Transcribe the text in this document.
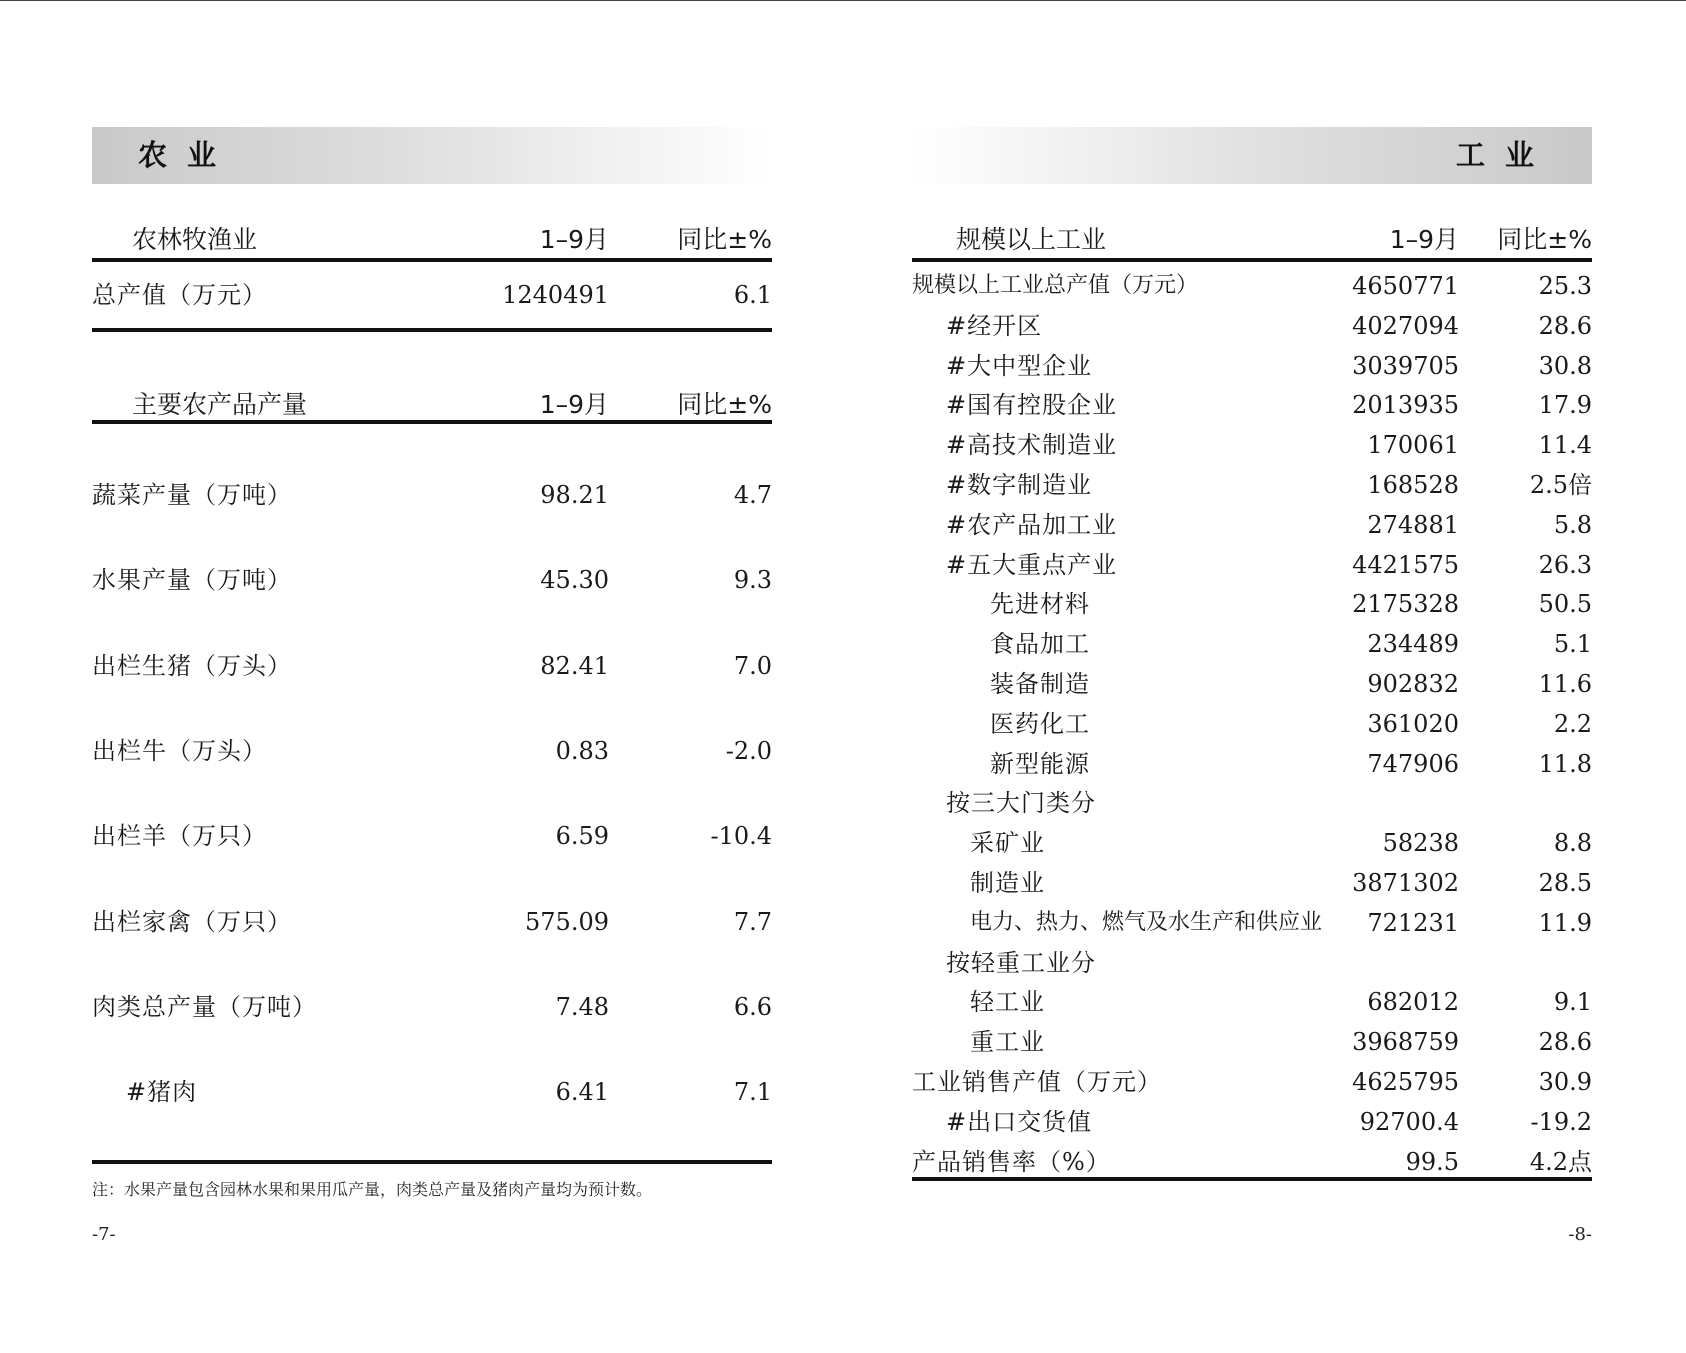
农业
农林牧渔业	1–9月	同比±%
总产值（万元）	1240491	6.1
主要农产品产量	1–9月	同比±%
蔬菜产量（万吨）	98.21	4.7
水果产量（万吨）	45.30	9.3
出栏生猪（万头）	82.41	7.0
出栏牛（万头）	0.83	-2.0
出栏羊（万只）	6.59	-10.4
出栏家禽（万只）	575.09	7.7
肉类总产量（万吨）	7.48	6.6
#猪肉	6.41	7.1
注：水果产量包含园林水果和果用瓜产量，肉类总产量及猪肉产量均为预计数。
-7-
工业
规模以上工业	1–9月 同比±%
规模以上工业总产值（万元）	4650771	25.3
#经开区	4027094	28.6
#大中型企业	3039705	30.8
#国有控股企业	2013935	17.9
#高技术制造业	170061	11.4
#数字制造业	168528	2.5倍
#农产品加工业	274881	5.8
#五大重点产业	4421575	26.3
先进材料	2175328	50.5
食品加工	234489	5.1
装备制造	902832	11.6
医药化工	361020	2.2
新型能源	747906	11.8
按三大门类分
采矿业	58238	8.8
制造业	3871302	28.5
电力、热力、燃气及水生产和供应业 721231	11.9
按轻重工业分
轻工业	682012	9.1
重工业	3968759	28.6
工业销售产值（万元）	4625795	30.9
#出口交货值	92700.4	-19.2
产品销售率（%）	99.5	4.2点
-8-
